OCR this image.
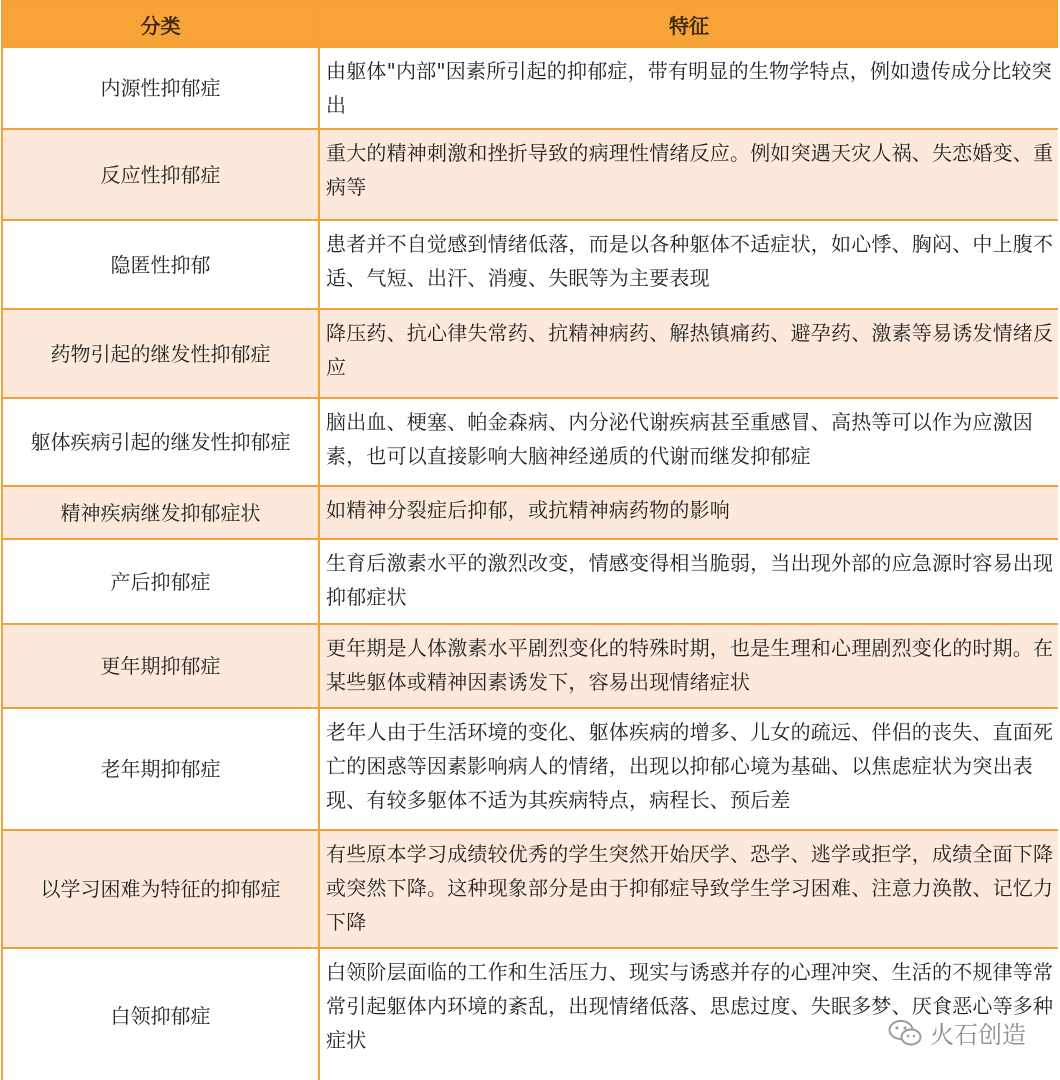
分类	特征
内源性抑郁症	由躯体"内部"因素所引起的抑郁症，带有明显的生物学特点，例如遗传成分比较突出
反应性抑郁症	重大的精神刺激和挫折导致的病理性情绪反应。例如突遇天灾人祸、失恋婚变、重病等
隐匿性抑郁	患者并不自觉感到情绪低落，而是以各种躯体不适症状，如心悸、胸闷、中上腹不适、气短、出汗、消瘦、失眠等为主要表现
药物引起的继发性抑郁症	降压药、抗心律失常药、抗精神病药、解热镇痛药、避孕药、激素等易诱发情绪反应
躯体疾病引起的继发性抑郁症	脑出血、梗塞、帕金森病、内分泌代谢疾病甚至重感冒、高热等可以作为应激因素，也可以直接影响大脑神经递质的代谢而继发抑郁症
精神疾病继发抑郁症状	如精神分裂症后抑郁，或抗精神病药物的影响
产后抑郁症	生育后激素水平的激烈改变，情感变得相当脆弱，当出现外部的应急源时容易出现抑郁症状
更年期抑郁症	更年期是人体激素水平剧烈变化的特殊时期，也是生理和心理剧烈变化的时期。在某些躯体或精神因素诱发下，容易出现情绪症状
老年期抑郁症	老年人由于生活环境的变化、躯体疾病的增多、儿女的疏远、伴侣的丧失、直面死亡的困惑等因素影响病人的情绪，出现以抑郁心境为基础、以焦虑症状为突出表现、有较多躯体不适为其疾病特点，病程长、预后差
以学习困难为特征的抑郁症	有些原本学习成绩较优秀的学生突然开始厌学、恐学、逃学或拒学，成绩全面下降或突然下降。这种现象部分是由于抑郁症导致学生学习困难、注意力涣散、记忆力下降
白领抑郁症	白领阶层面临的工作和生活压力、现实与诱惑并存的心理冲突、生活的不规律等常常引起躯体内环境的紊乱，出现情绪低落、思虑过度、失眠多梦、厌食恶心等多种症状	火石创造
